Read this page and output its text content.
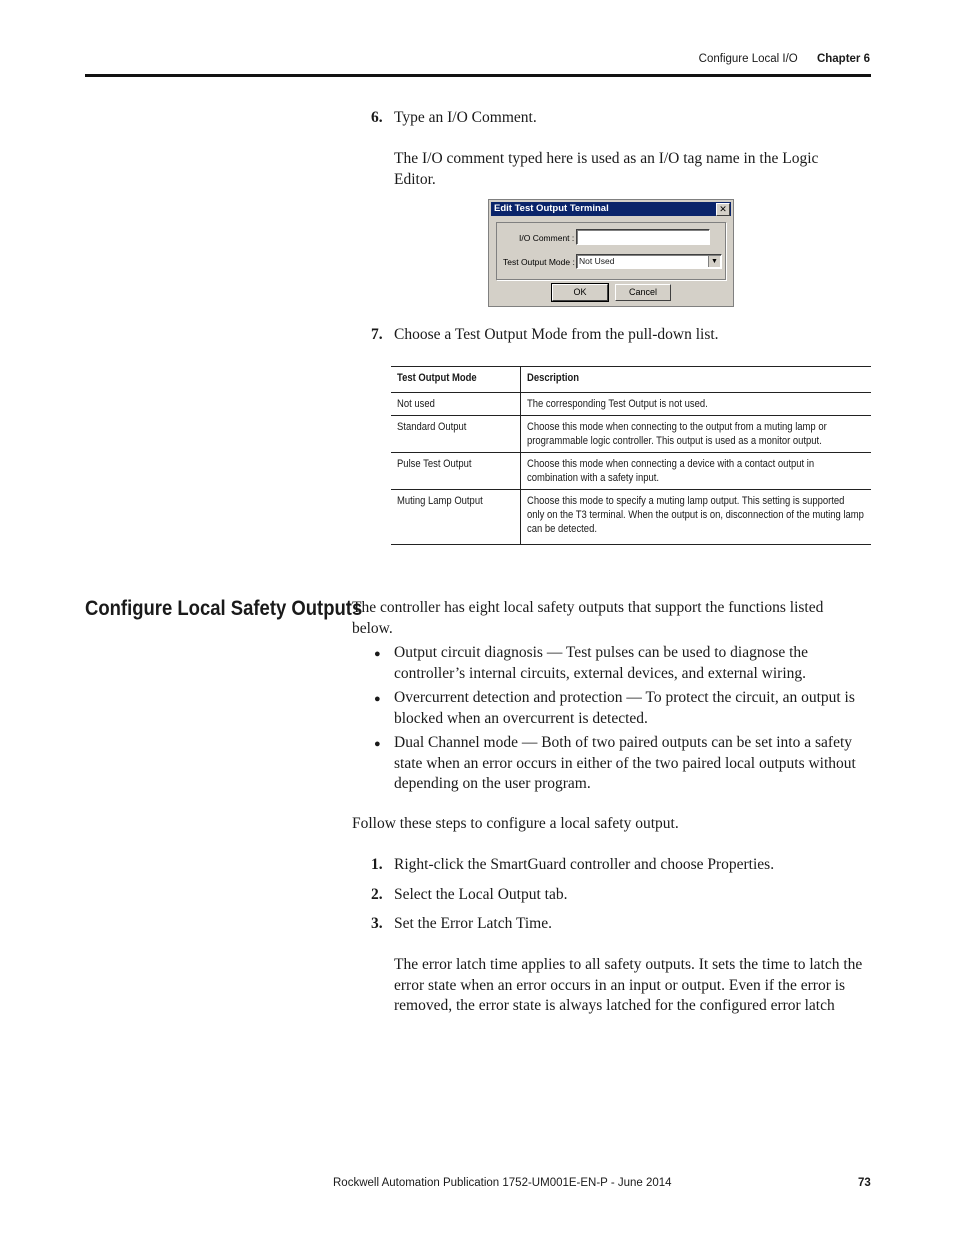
Configure Local I/O Chapter 6
6. Type an I/O Comment.
The I/O comment typed here is used as an I/O tag name in the Logic Editor.
Edit Test Output Terminal	✕
I/O Comment :
Test Output Mode : Not Used	▼
OK	Cancel
7. Choose a Test Output Mode from the pull-down list.
Test Output Mode	Description

Not used	The corresponding Test Output is not used.

Standard Output	Choose this mode when connecting to the output from a muting lamp or programmable logic controller. This output is used as a monitor output.

Pulse Test Output	Choose this mode when connecting a device with a contact output in combination with a safety input.

Muting Lamp Output	Choose this mode to specify a muting lamp output. This setting is supported only on the T3 terminal. When the output is on, disconnection of the muting lamp can be detected.
Configure Local Safety Outputs
The controller has eight local safety outputs that support the functions listed below.
● Output circuit diagnosis — Test pulses can be used to diagnose the controller’s internal circuits, external devices, and external wiring.
● Overcurrent detection and protection — To protect the circuit, an output is blocked when an overcurrent is detected.
● Dual Channel mode — Both of two paired outputs can be set into a safety state when an error occurs in either of the two paired local outputs without depending on the user program.
Follow these steps to configure a local safety output.
1. Right-click the SmartGuard controller and choose Properties.
2. Select the Local Output tab.
3. Set the Error Latch Time.
The error latch time applies to all safety outputs. It sets the time to latch the error state when an error occurs in an input or output. Even if the error is removed, the error state is always latched for the configured error latch
Rockwell Automation Publication 1752-UM001E-EN-P - June 2014	73
